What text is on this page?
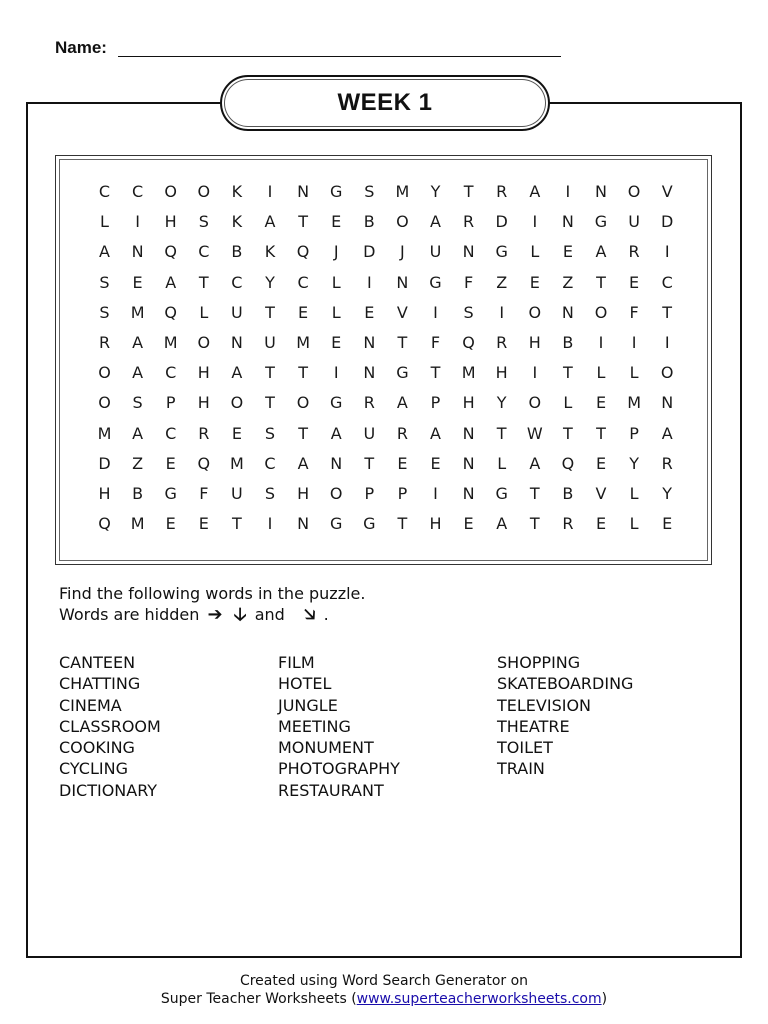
Name:
WEEK 1
C	C	O	O	K	I	N	G	S	M	Y	T	R	A	I	N	O	V
L	I	H	S	K	A	T	E	B	O	A	R	D	I	N	G	U	D
A	N	Q	C	B	K	Q	J	D	J	U	N	G	L	E	A	R	I
S	E	A	T	C	Y	C	L	I	N	G	F	Z	E	Z	T	E	C
S	M	Q	L	U	T	E	L	E	V	I	S	I	O	N	O	F	T
R	A	M	O	N	U	M	E	N	T	F	Q	R	H	B	I	I	I
O	A	C	H	A	T	T	I	N	G	T	M	H	I	T	L	L	O
O	S	P	H	O	T	O	G	R	A	P	H	Y	O	L	E	M	N
M	A	C	R	E	S	T	A	U	R	A	N	T	W	T	T	P	A
D	Z	E	Q	M	C	A	N	T	E	E	N	L	A	Q	E	Y	R
H	B	G	F	U	S	H	O	P	P	I	N	G	T	B	V	L	Y
Q	M	E	E	T	I	N	G	G	T	H	E	A	T	R	E	L	E
Find the following words in the puzzle.
Words are hidden ➔ 🡣 and 🡦 .
CANTEEN
CHATTING
CINEMA
CLASSROOM
COOKING
CYCLING
DICTIONARY
FILM
HOTEL
JUNGLE
MEETING
MONUMENT
PHOTOGRAPHY
RESTAURANT
SHOPPING
SKATEBOARDING
TELEVISION
THEATRE
TOILET
TRAIN
Created using Word Search Generator on
Super Teacher Worksheets (www.superteacherworksheets.com)
